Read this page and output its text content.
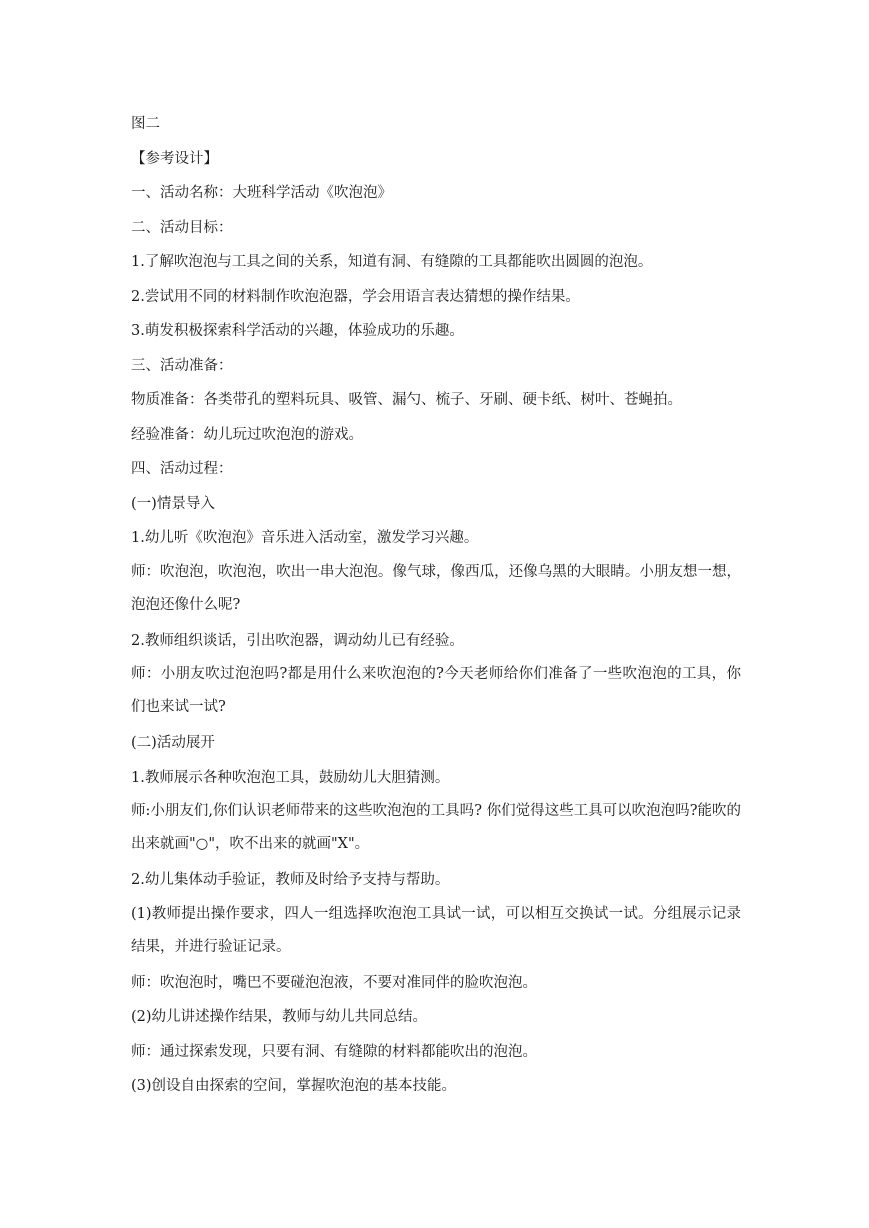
图二
【参考设计】
一、活动名称：大班科学活动《吹泡泡》
二、活动目标：
1.了解吹泡泡与工具之间的关系，知道有洞、有缝隙的工具都能吹出圆圆的泡泡。
2.尝试用不同的材料制作吹泡泡器，学会用语言表达猜想的操作结果。
3.萌发积极探索科学活动的兴趣，体验成功的乐趣。
三、活动准备：
物质准备：各类带孔的塑料玩具、吸管、漏勺、梳子、牙刷、硬卡纸、树叶、苍蝇拍。
经验准备：幼儿玩过吹泡泡的游戏。
四、活动过程：
(一)情景导入
1.幼儿听《吹泡泡》音乐进入活动室，激发学习兴趣。
师：吹泡泡，吹泡泡，吹出一串大泡泡。像气球，像西瓜，还像乌黑的大眼睛。小朋友想一想，泡泡还像什么呢?
2.教师组织谈话，引出吹泡器，调动幼儿已有经验。
师：小朋友吹过泡泡吗?都是用什么来吹泡泡的?今天老师给你们准备了一些吹泡泡的工具，你们也来试一试?
(二)活动展开
1.教师展示各种吹泡泡工具，鼓励幼儿大胆猜测。
师:小朋友们,你们认识老师带来的这些吹泡泡的工具吗? 你们觉得这些工具可以吹泡泡吗?能吹的出来就画"○"，吹不出来的就画"X"。
2.幼儿集体动手验证，教师及时给予支持与帮助。
(1)教师提出操作要求，四人一组选择吹泡泡工具试一试，可以相互交换试一试。分组展示记录结果，并进行验证记录。
师：吹泡泡时，嘴巴不要碰泡泡液，不要对准同伴的脸吹泡泡。
(2)幼儿讲述操作结果，教师与幼儿共同总结。
师：通过探索发现，只要有洞、有缝隙的材料都能吹出的泡泡。
(3)创设自由探索的空间，掌握吹泡泡的基本技能。
